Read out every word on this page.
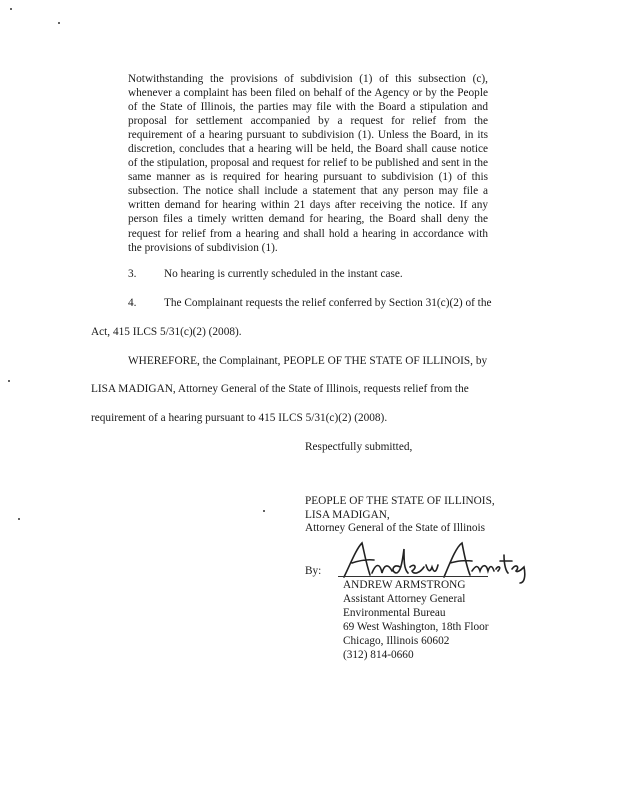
Notwithstanding the provisions of subdivision (1) of this subsection (c), whenever a complaint has been filed on behalf of the Agency or by the People of the State of Illinois, the parties may file with the Board a stipulation and proposal for settlement accompanied by a request for relief from the requirement of a hearing pursuant to subdivision (1). Unless the Board, in its discretion, concludes that a hearing will be held, the Board shall cause notice of the stipulation, proposal and request for relief to be published and sent in the same manner as is required for hearing pursuant to subdivision (1) of this subsection. The notice shall include a statement that any person may file a written demand for hearing within 21 days after receiving the notice. If any person files a timely written demand for hearing, the Board shall deny the request for relief from a hearing and shall hold a hearing in accordance with the provisions of subdivision (1).
3. No hearing is currently scheduled in the instant case.
4. The Complainant requests the relief conferred by Section 31(c)(2) of the
Act, 415 ILCS 5/31(c)(2) (2008).
WHEREFORE, the Complainant, PEOPLE OF THE STATE OF ILLINOIS, by
LISA MADIGAN, Attorney General of the State of Illinois, requests relief from the
requirement of a hearing pursuant to 415 ILCS 5/31(c)(2) (2008).
Respectfully submitted,
PEOPLE OF THE STATE OF ILLINOIS,
LISA MADIGAN,
Attorney General of the State of Illinois
By:
ANDREW ARMSTRONG
Assistant Attorney General
Environmental Bureau
69 West Washington, 18th Floor
Chicago, Illinois 60602
(312) 814-0660
